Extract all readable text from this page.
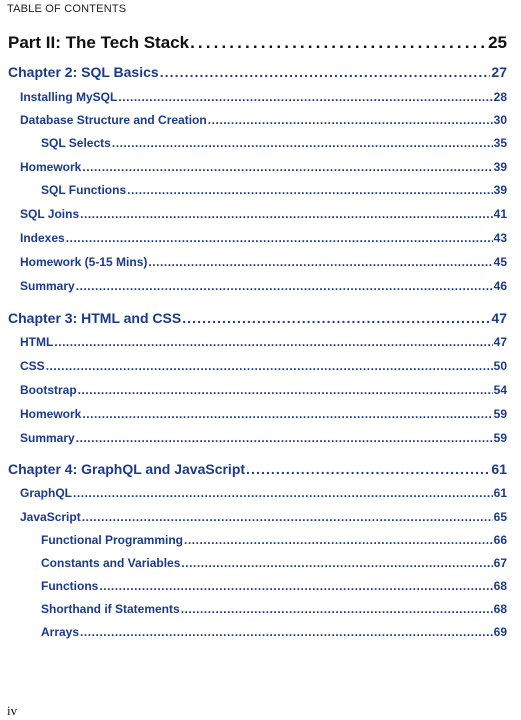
TABLE OF CONTENTS
Part II: The Tech Stack . . .	25
Chapter 2: SQL Basics . . .	27
Installing MySQL . . .	28
Database Structure and Creation . . .	30
SQL Selects . . .	35
Homework . . .	39
SQL Functions . . .	39
SQL Joins . . .	41
Indexes . . .	43
Homework (5-15 Mins) . . .	45
Summary . . .	46
Chapter 3: HTML and CSS . . .	47
HTML . . .	47
CSS . . .	50
Bootstrap . . .	54
Homework . . .	59
Summary . . .	59
Chapter 4: GraphQL and JavaScript . . .	61
GraphQL . . .	61
JavaScript . . .	65
Functional Programming . . .	66
Constants and Variables . . .	67
Functions . . .	68
Shorthand if Statements . . .	68
Arrays . . .	69
iv
